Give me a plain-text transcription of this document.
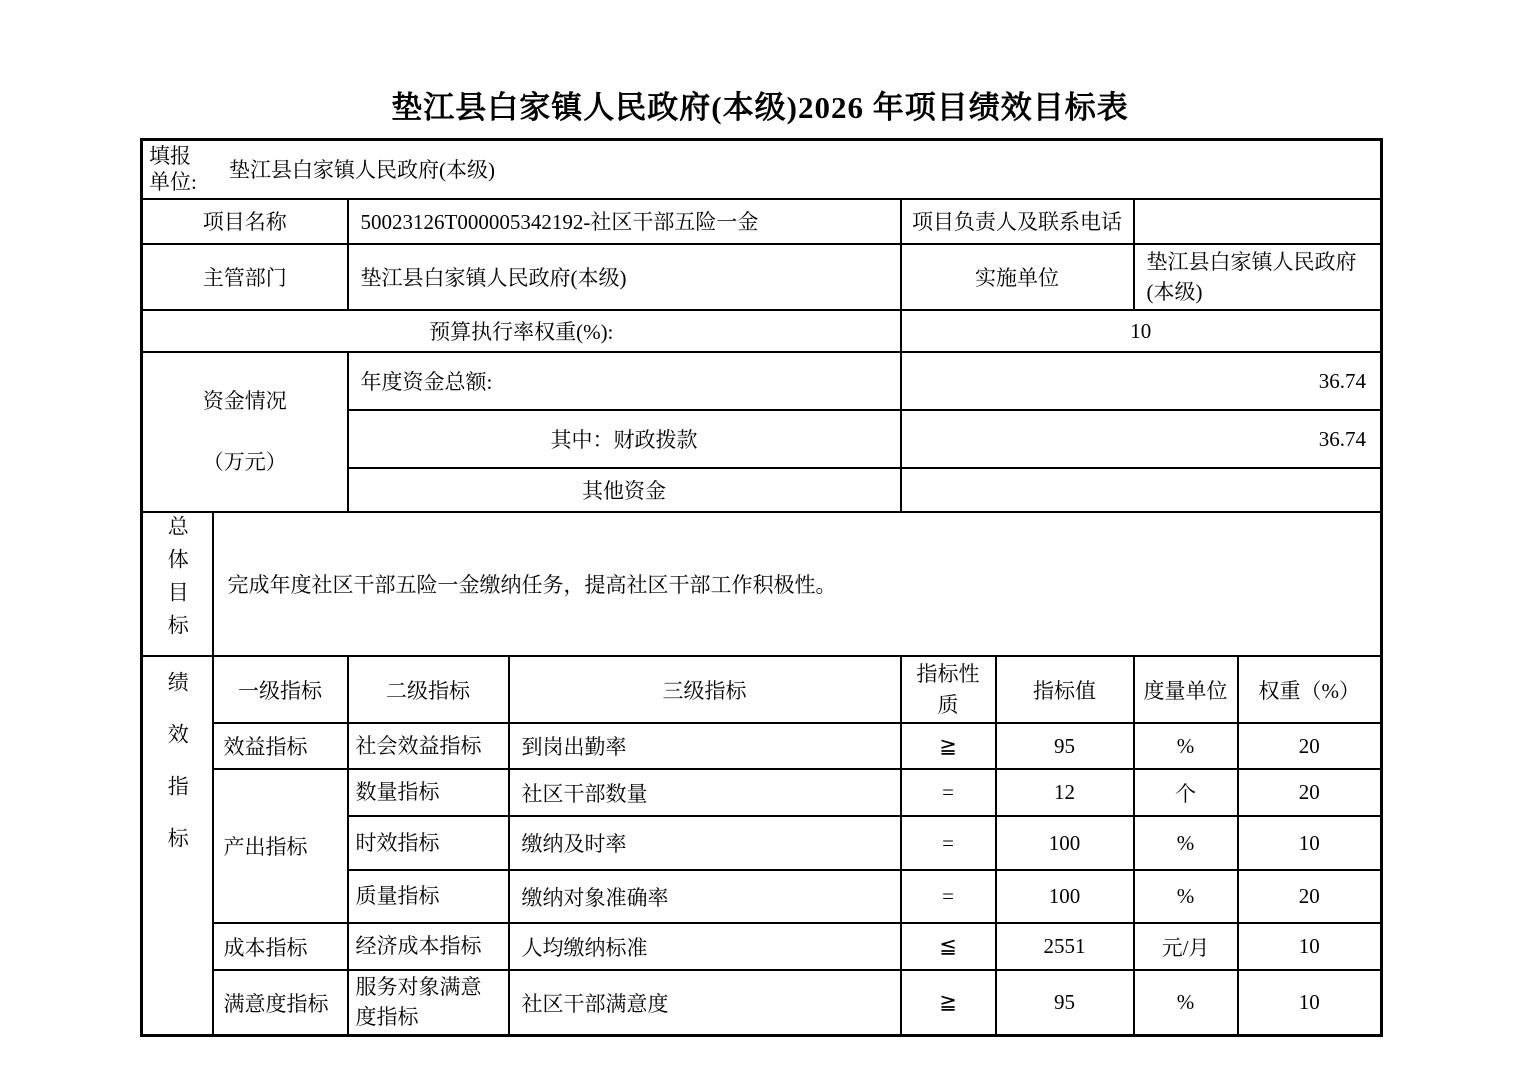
垫江县白家镇人民政府(本级)2026 年项目绩效目标表
填报单位: 垫江县白家镇人民政府(本级)							

项目名称		50023126T000005342192-社区干部五险一金		项目负责人及联系电话			
主管部门		垫江县白家镇人民政府(本级)		实施单位		垫江县白家镇人民政府(本级)	
预算执行率权重(%):				10			

资金情况
（万元）		年度资金总额:		36.74			
		其中：财政拨款		36.74			
		其他资金					
总体目标	完成年度社区干部五险一金缴纳任务，提高社区干部工作积极性。						
绩效指标	一级指标	二级指标	三级指标	指标性质	指标值	度量单位	权重（%）
	效益指标	社会效益指标	到岗出勤率	≧	95	%	20
	产出指标	数量指标	社区干部数量	=	12	个	20
		时效指标	缴纳及时率	=	100	%	10
		质量指标	缴纳对象准确率	=	100	%	20
	成本指标	经济成本指标	人均缴纳标准	≦	2551	元/月	10
	满意度指标	服务对象满意度指标	社区干部满意度	≧	95	%	10
